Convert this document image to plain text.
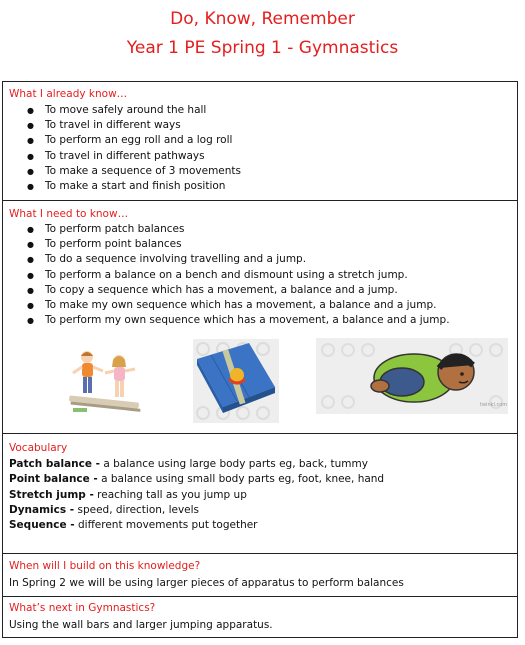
Do, Know, Remember
Year 1 PE Spring 1 - Gymnastics
What I already know…
● To move safely around the hall
● To travel in different ways
● To perform an egg roll and a log roll
● To travel in different pathways
● To make a sequence of 3 movements
● To make a start and finish position
What I need to know…
● To perform patch balances
● To perform point balances
● To do a sequence involving travelling and a jump.
● To perform a balance on a bench and dismount using a stretch jump.
● To copy a sequence which has a movement, a balance and a jump.
● To make my own sequence which has a movement, a balance and a jump.
● To perform my own sequence which has a movement, a balance and a jump.
twinkl.com
Vocabulary
Patch balance - a balance using large body parts eg, back, tummy
Point balance - a balance using small body parts eg, foot, knee, hand
Stretch jump - reaching tall as you jump up
Dynamics - speed, direction, levels
Sequence - different movements put together
When will I build on this knowledge?
In Spring 2 we will be using larger pieces of apparatus to perform balances
What’s next in Gymnastics?
Using the wall bars and larger jumping apparatus.
